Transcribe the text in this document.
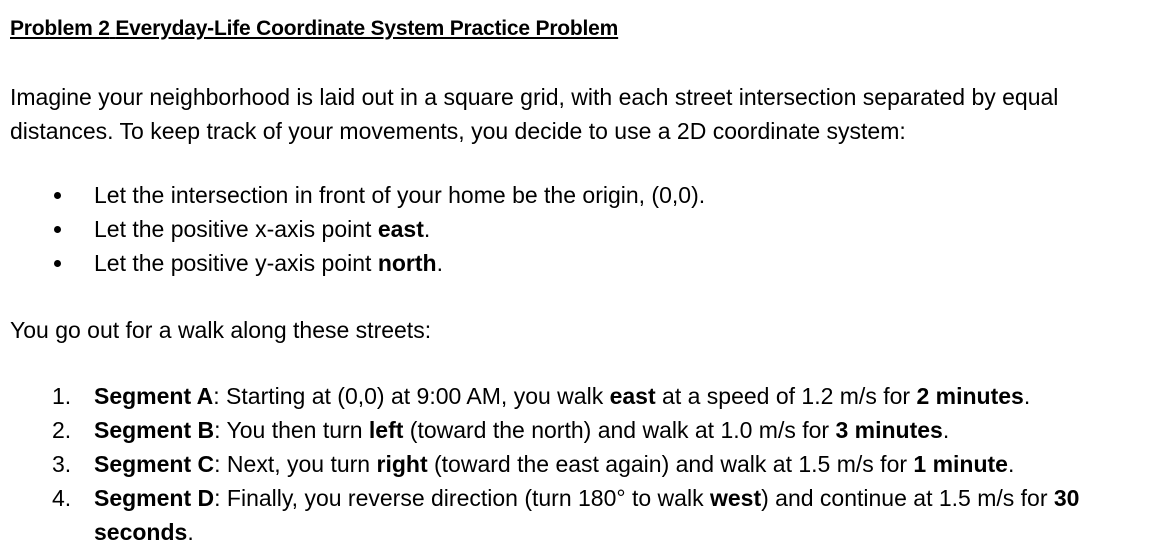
Problem 2 Everyday-Life Coordinate System Practice Problem

Imagine your neighborhood is laid out in a square grid, with each street intersection separated by equal distances. To keep track of your movements, you decide to use a 2D coordinate system:

Let the intersection in front of your home be the origin, (0,0).
Let the positive x-axis point east.
Let the positive y-axis point north.

You go out for a walk along these streets:

1. Segment A: Starting at (0,0) at 9:00 AM, you walk east at a speed of 1.2 m/s for 2 minutes.
2. Segment B: You then turn left (toward the north) and walk at 1.0 m/s for 3 minutes.
3. Segment C: Next, you turn right (toward the east again) and walk at 1.5 m/s for 1 minute.
4. Segment D: Finally, you reverse direction (turn 180° to walk west) and continue at 1.5 m/s for 30 seconds.
